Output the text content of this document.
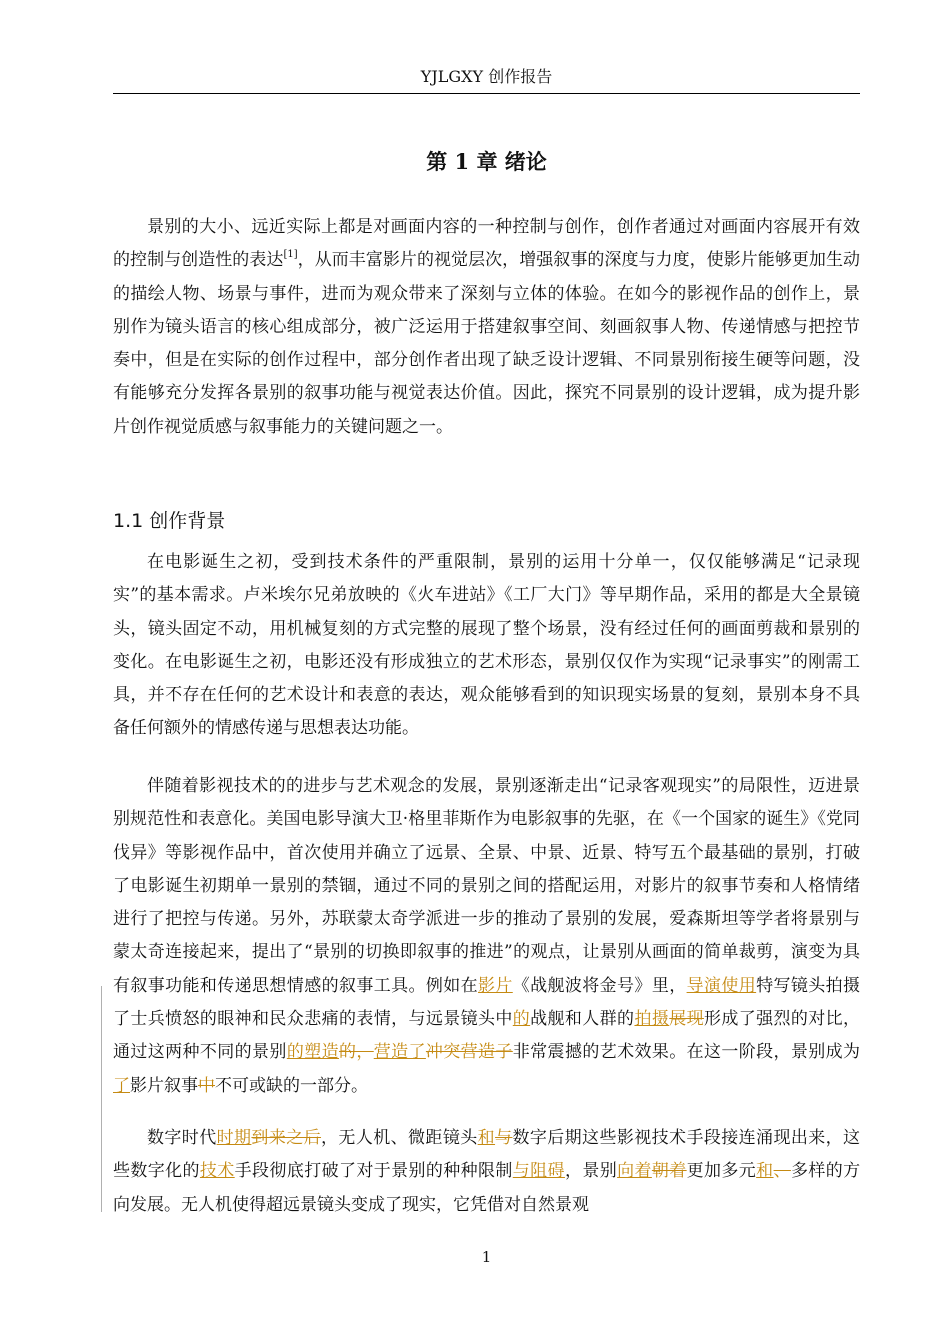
YJLGXY 创作报告
第 1 章 绪论

景别的大小、远近实际上都是对画面内容的一种控制与创作，创作者通过对画面内容展开有效的控制与创造性的表达[1]，从而丰富影片的视觉层次，增强叙事的深度与力度，使影片能够更加生动的描绘人物、场景与事件，进而为观众带来了深刻与立体的体验。在如今的影视作品的创作上，景别作为镜头语言的核心组成部分，被广泛运用于搭建叙事空间、刻画叙事人物、传递情感与把控节奏中，但是在实际的创作过程中，部分创作者出现了缺乏设计逻辑、不同景别衔接生硬等问题，没有能够充分发挥各景别的叙事功能与视觉表达价值。因此，探究不同景别的设计逻辑，成为提升影片创作视觉质感与叙事能力的关键问题之一。

1.1 创作背景

在电影诞生之初，受到技术条件的严重限制，景别的运用十分单一，仅仅能够满足“记录现实”的基本需求。卢米埃尔兄弟放映的《火车进站》《工厂大门》等早期作品，采用的都是大全景镜头，镜头固定不动，用机械复刻的方式完整的展现了整个场景，没有经过任何的画面剪裁和景别的变化。在电影诞生之初，电影还没有形成独立的艺术形态，景别仅仅作为实现“记录事实”的刚需工具，并不存在任何的艺术设计和表意的表达，观众能够看到的知识现实场景的复刻，景别本身不具备任何额外的情感传递与思想表达功能。

伴随着影视技术的的进步与艺术观念的发展，景别逐渐走出“记录客观现实”的局限性，迈进景别规范性和表意化。美国电影导演大卫·格里菲斯作为电影叙事的先驱，在《一个国家的诞生》《党同伐异》等影视作品中，首次使用并确立了远景、全景、中景、近景、特写五个最基础的景别，打破了电影诞生初期单一景别的禁锢，通过不同的景别之间的搭配运用，对影片的叙事节奏和人格情绪进行了把控与传递。另外，苏联蒙太奇学派进一步的推动了景别的发展，爱森斯坦等学者将景别与蒙太奇连接起来，提出了“景别的切换即叙事的推进”的观点，让景别从画面的简单裁剪，演变为具有叙事功能和传递思想情感的叙事工具。例如在影片《战舰波将金号》里，导演使用特写镜头拍摄了士兵愤怒的眼神和民众悲痛的表情，与远景镜头中的战舰和人群的拍摄展现形成了强烈的对比，通过这两种不同的景别的塑造的，营造了冲突营造子非常震撼的艺术效果。在这一阶段，景别成为了影片叙事中不可或缺的一部分。

数字时代时期到来之后，无人机、微距镜头和与数字后期这些影视技术手段接连涌现出来，这些数字化的技术手段彻底打破了对于景别的种种限制与阻碍，景别向着朝着更加多元和、多样的方向发展。无人机使得超远景镜头变成了现实，它凭借对自然景观

1
